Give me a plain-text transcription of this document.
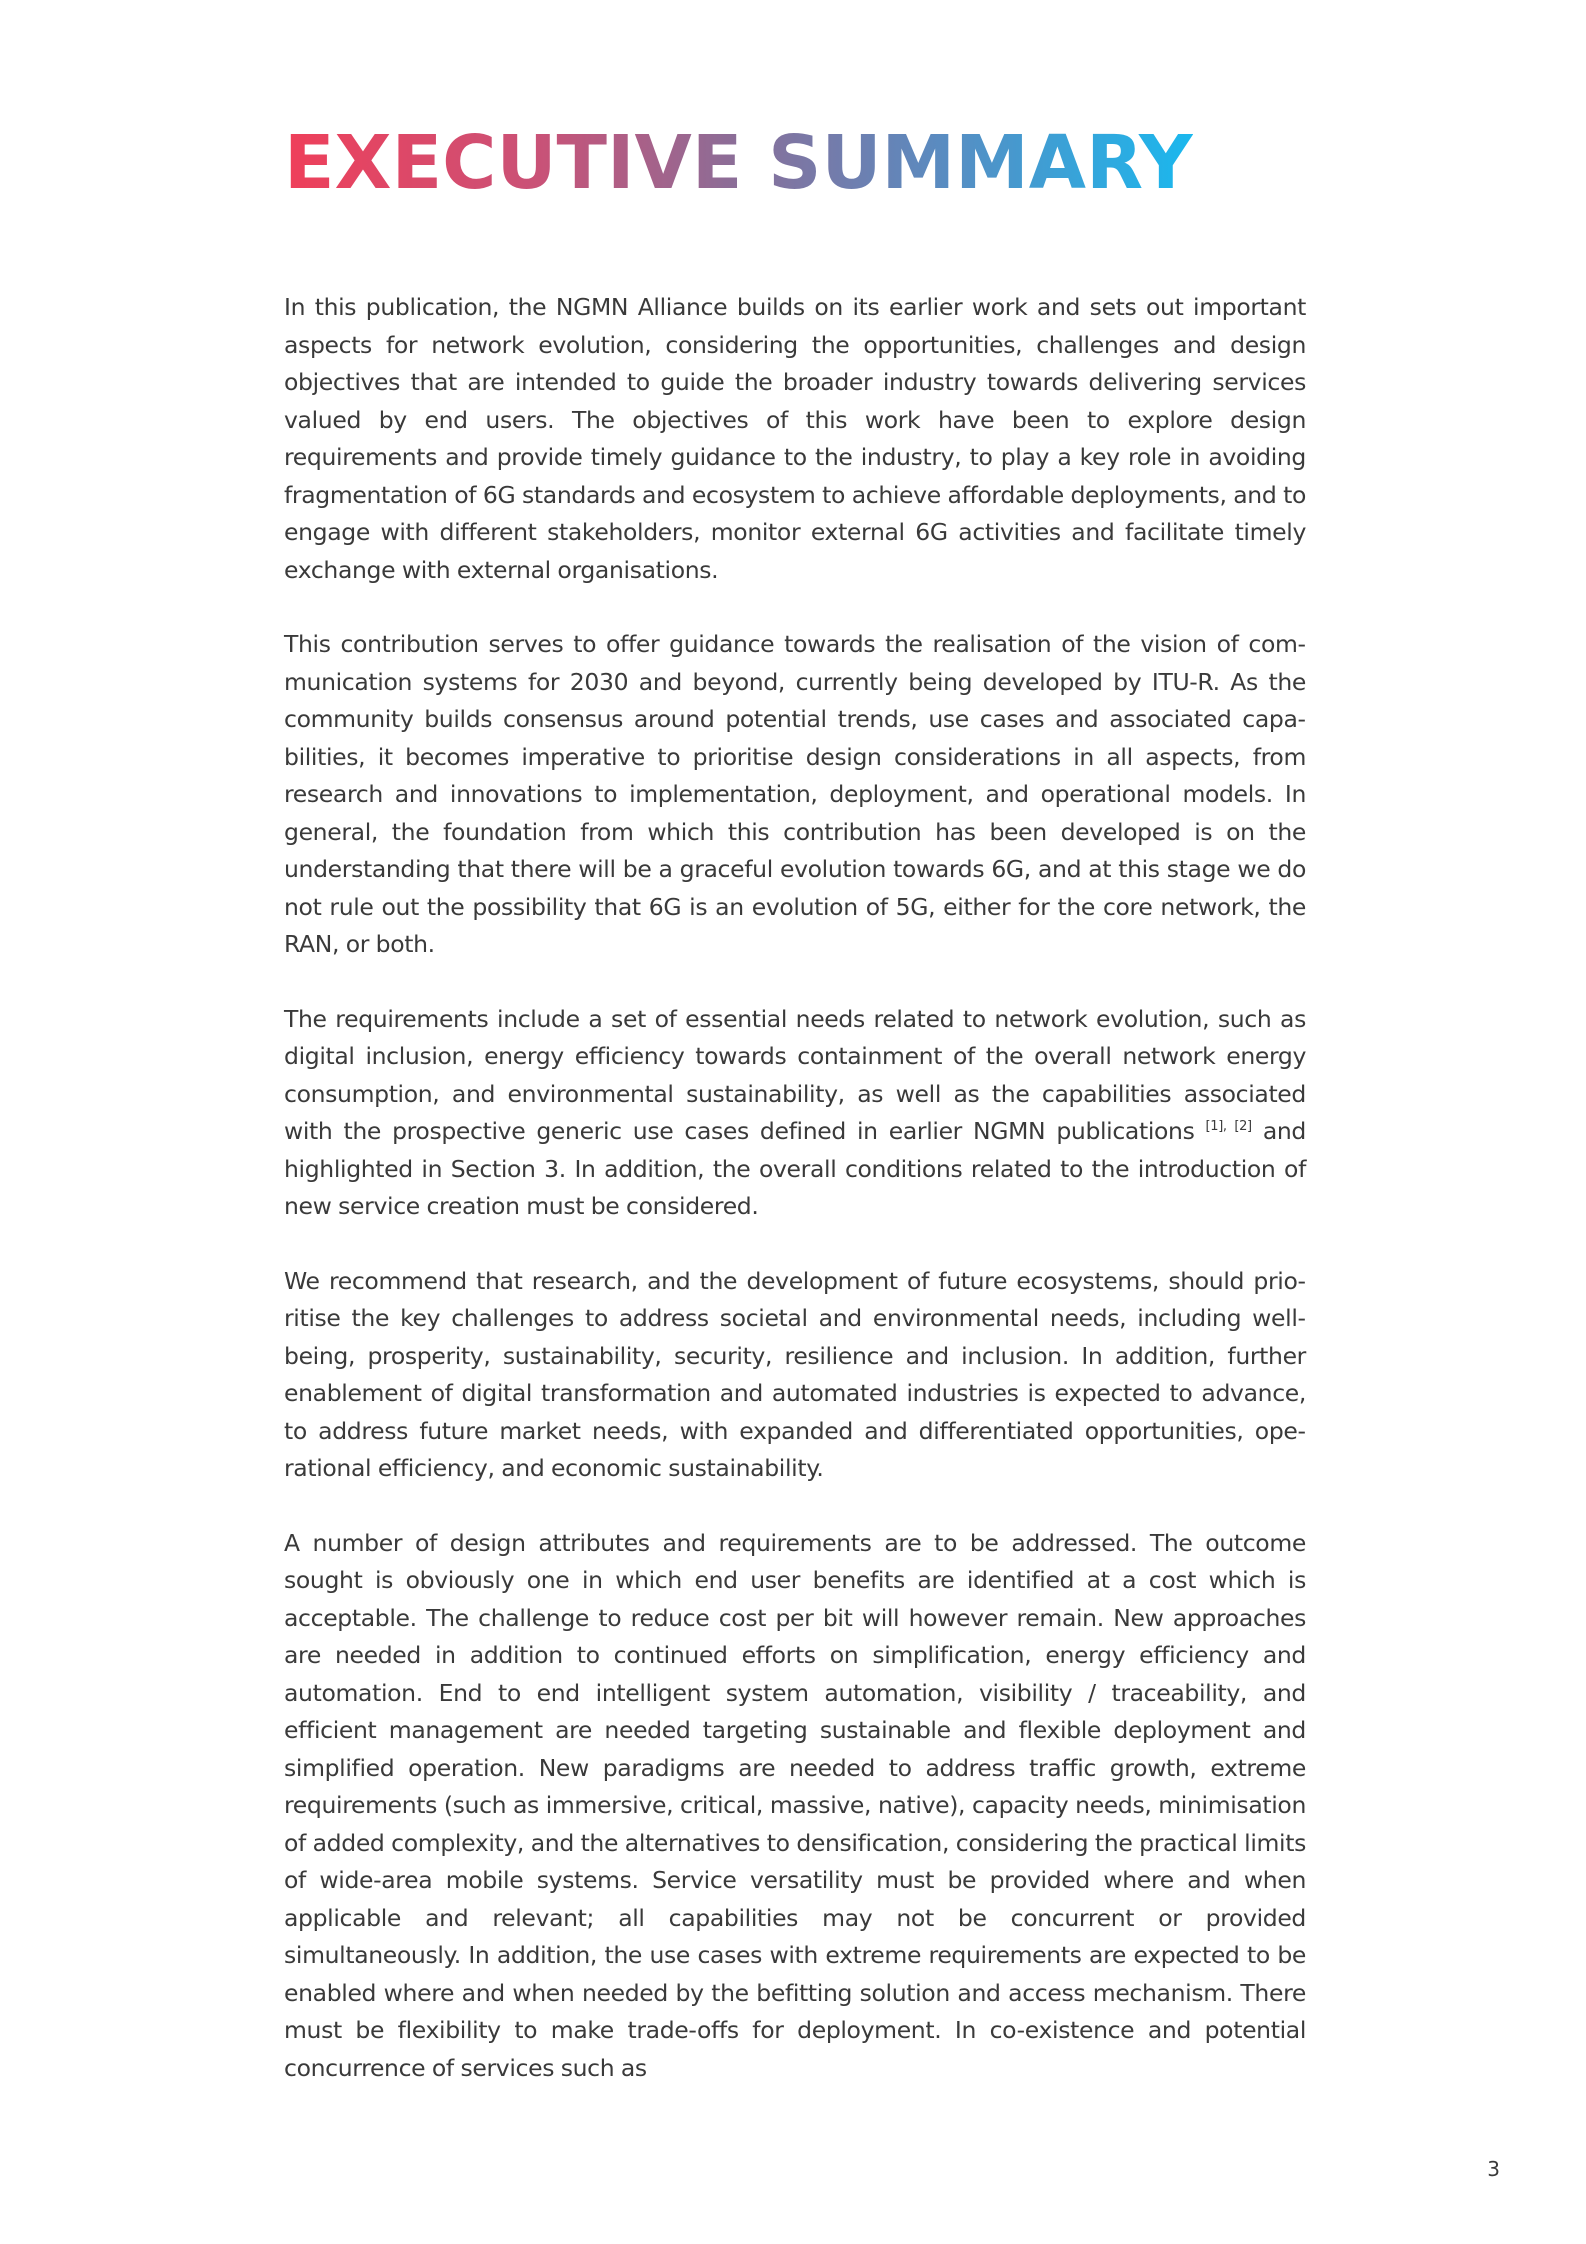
EXECUTIVE SUMMARY

In this publication, the NGMN Alliance builds on its earlier work and sets out important aspects for network evolution, considering the opportunities, challenges and design objectives that are intended to guide the broader industry towards delivering services valued by end users. The objectives of this work have been to explore design requirements and provide timely guidance to the industry, to play a key role in avoiding fragmentation of 6G standards and ecosystem to achieve affordable deployments, and to engage with different stakeholders, monitor external 6G activities and facilitate timely exchange with external organisations.

This contribution serves to offer guidance towards the realisation of the vision of communication systems for 2030 and beyond, currently being developed by ITU-R. As the community builds consensus around potential trends, use cases and associated capabilities, it becomes imperative to prioritise design considerations in all aspects, from research and innovations to implementation, deployment, and operational models. In general, the foundation from which this contribution has been developed is on the understanding that there will be a graceful evolution towards 6G, and at this stage we do not rule out the possibility that 6G is an evolution of 5G, either for the core network, the RAN, or both.

The requirements include a set of essential needs related to network evolution, such as digital inclusion, energy efficiency towards containment of the overall network energy consumption, and environmental sustainability, as well as the capabilities associated with the prospective generic use cases defined in earlier NGMN publications [1], [2] and highlighted in Section 3. In addition, the overall conditions related to the introduction of new service creation must be considered.

We recommend that research, and the development of future ecosystems, should prioritise the key challenges to address societal and environmental needs, including wellbeing, prosperity, sustainability, security, resilience and inclusion. In addition, further enablement of digital transformation and automated industries is expected to advance, to address future market needs, with expanded and differentiated opportunities, operational efficiency, and economic sustainability.

A number of design attributes and requirements are to be addressed. The outcome sought is obviously one in which end user benefits are identified at a cost which is acceptable. The challenge to reduce cost per bit will however remain. New approaches are needed in addition to continued efforts on simplification, energy efficiency and automation. End to end intelligent system automation, visibility / traceability, and efficient management are needed targeting sustainable and flexible deployment and simplified operation. New paradigms are needed to address traffic growth, extreme requirements (such as immersive, critical, massive, native), capacity needs, minimisation of added complexity, and the alternatives to densification, considering the practical limits of wide-area mobile systems. Service versatility must be provided where and when applicable and relevant; all capabilities may not be concurrent or provided simultaneously. In addition, the use cases with extreme requirements are expected to be enabled where and when needed by the befitting solution and access mechanism. There must be flexibility to make trade-offs for deployment. In co-existence and potential concurrence of services such as

3
